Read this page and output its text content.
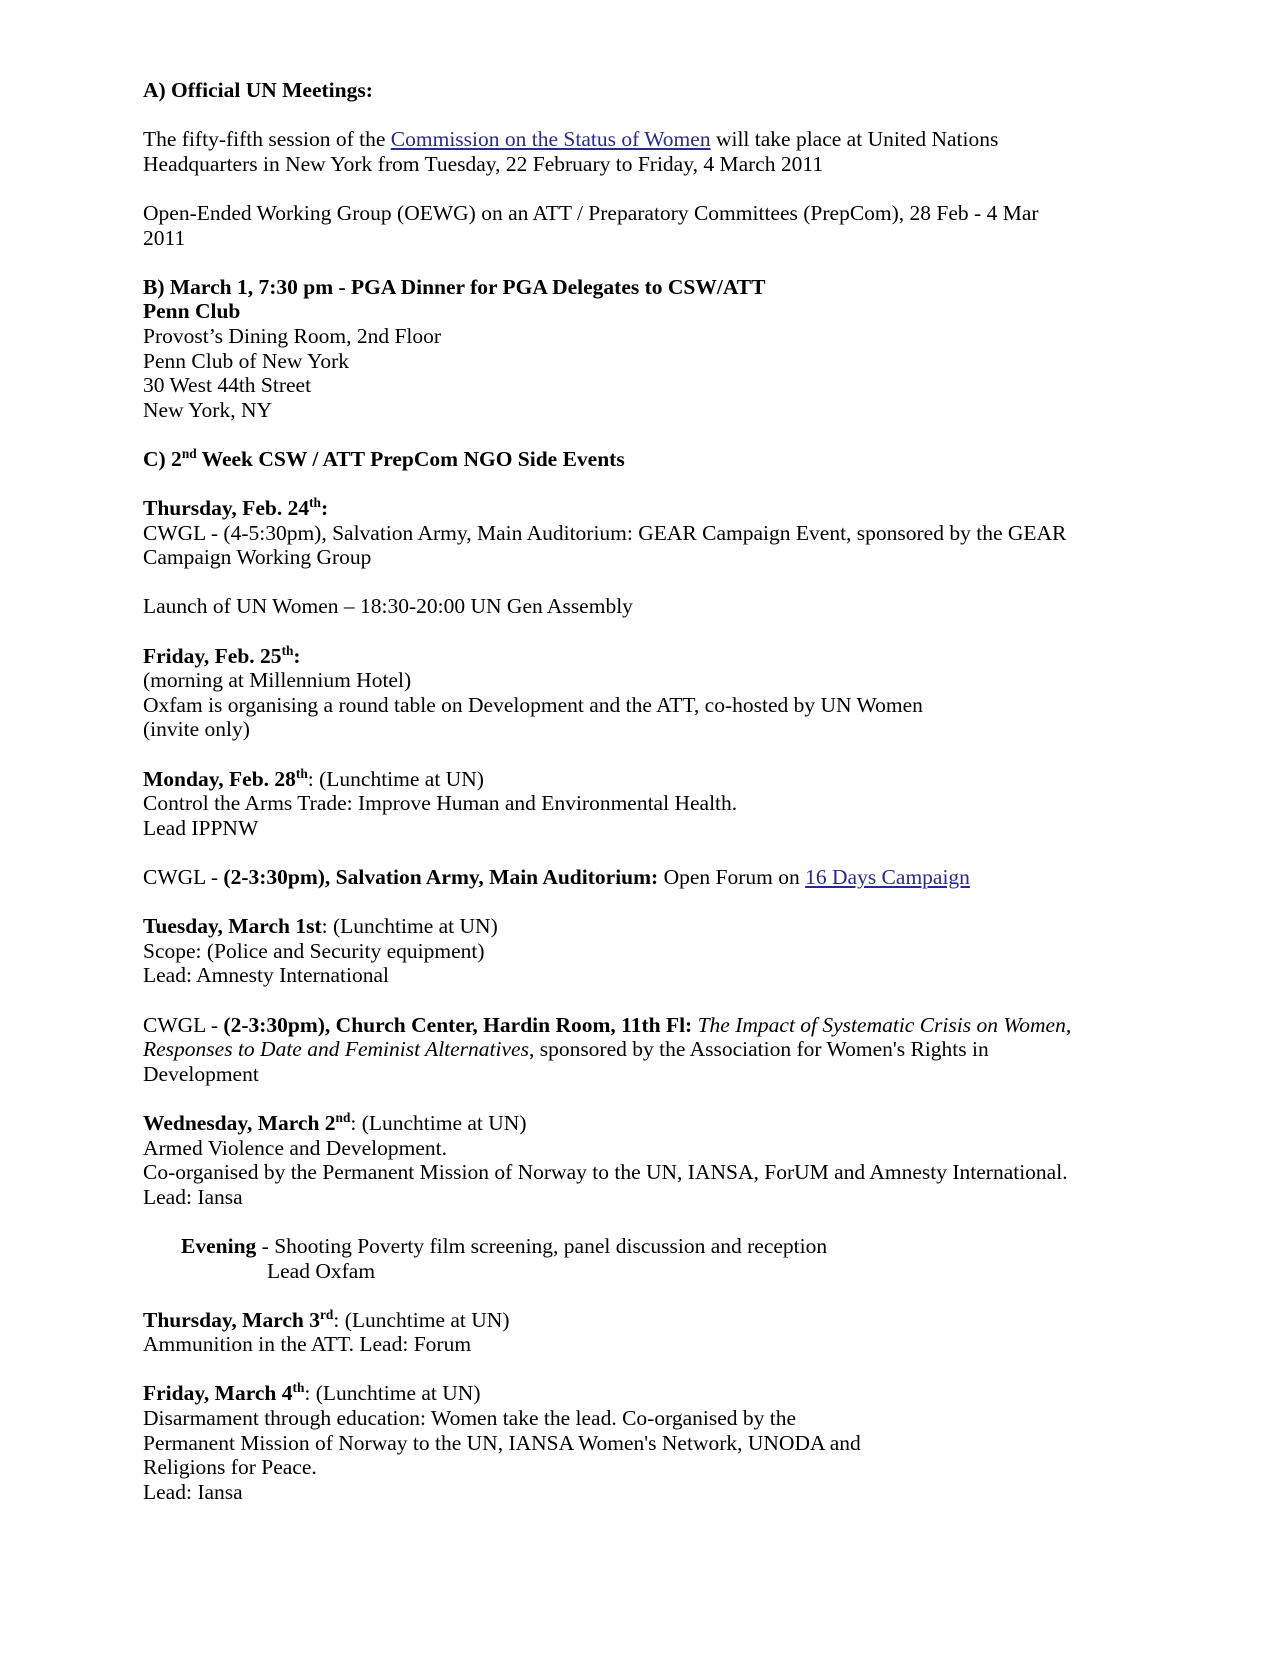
A) Official UN Meetings:
The fifty-fifth session of the Commission on the Status of Women will take place at United Nations Headquarters in New York from Tuesday, 22 February to Friday, 4 March 2011
Open-Ended Working Group (OEWG) on an ATT / Preparatory Committees (PrepCom), 28 Feb - 4 Mar 2011
B) March 1, 7:30 pm - PGA Dinner for PGA Delegates to CSW/ATT
Penn Club
Provost’s Dining Room, 2nd Floor
Penn Club of New York
30 West 44th Street
New York, NY
C) 2nd Week CSW / ATT PrepCom NGO Side Events
Thursday, Feb. 24th:
CWGL - (4-5:30pm), Salvation Army, Main Auditorium: GEAR Campaign Event, sponsored by the GEAR Campaign Working Group
Launch of UN Women – 18:30-20:00 UN Gen Assembly
Friday, Feb. 25th:
(morning at Millennium Hotel)
Oxfam is organising a round table on Development and the ATT, co-hosted by UN Women
(invite only)
Monday, Feb. 28th: (Lunchtime at UN)
Control the Arms Trade: Improve Human and Environmental Health.
Lead IPPNW
CWGL - (2-3:30pm), Salvation Army, Main Auditorium: Open Forum on 16 Days Campaign
Tuesday, March 1st: (Lunchtime at UN)
Scope: (Police and Security equipment)
Lead: Amnesty International
CWGL - (2-3:30pm), Church Center, Hardin Room, 11th Fl: The Impact of Systematic Crisis on Women, Responses to Date and Feminist Alternatives, sponsored by the Association for Women's Rights in Development
Wednesday, March 2nd: (Lunchtime at UN)
Armed Violence and Development.
Co-organised by the Permanent Mission of Norway to the UN, IANSA, ForUM and Amnesty International.
Lead: Iansa
Evening - Shooting Poverty film screening, panel discussion and reception
Lead Oxfam
Thursday, March 3rd: (Lunchtime at UN)
Ammunition in the ATT. Lead: Forum
Friday, March 4th: (Lunchtime at UN)
Disarmament through education: Women take the lead. Co-organised by the
Permanent Mission of Norway to the UN, IANSA Women's Network, UNODA and
Religions for Peace.
Lead: Iansa
